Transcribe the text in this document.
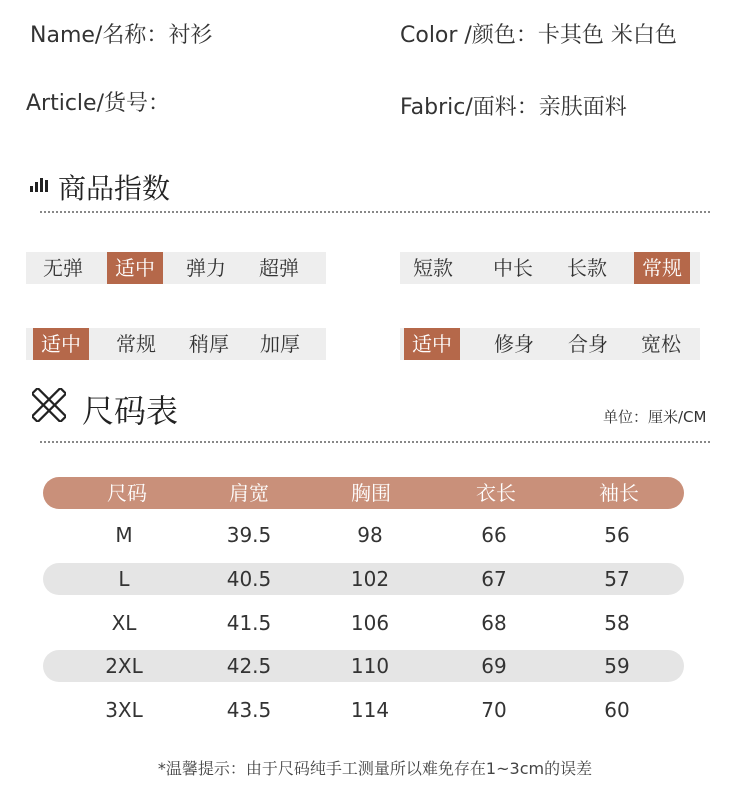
Name/名称：衬衫	Color /颜色：卡其色 米白色
Article/货号：	Fabric/面料：亲肤面料
商品指数
无弹	适中	弹力	超弹	短款	中长	长款	常规
适中	常规	稍厚	加厚	适中	修身	合身	宽松
尺码表	单位：厘米/CM
尺码	肩宽	胸围	衣长	袖长
M	39.5	98	66	56
L	40.5	102	67	57
XL	41.5	106	68	58
2XL	42.5	110	69	59
3XL	43.5	114	70	60
*温馨提示：由于尺码纯手工测量所以难免存在1~3cm的误差
